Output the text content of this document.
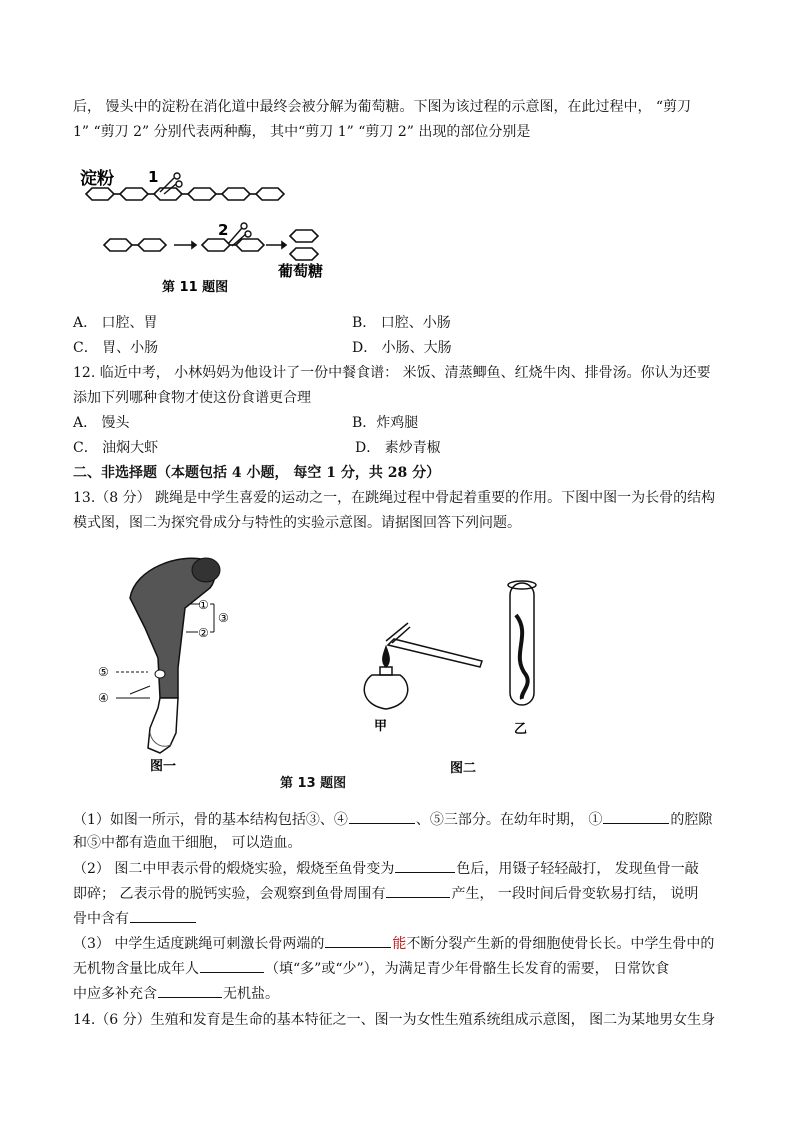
后， 馒头中的淀粉在消化道中最终会被分解为葡萄糖。下图为该过程的示意图，在此过程中， “剪刀
1” “剪刀 2” 分别代表两种酶， 其中“剪刀 1” “剪刀 2” 出现的部位分别是
淀粉 1
2
葡萄糖
第 11 题图
A． 口腔、胃	B． 口腔、小肠
C． 胃、小肠	D． 小肠、大肠
12. 临近中考， 小林妈妈为他设计了一份中餐食谱： 米饭、清蒸鲫鱼、红烧牛肉、排骨汤。你认为还要
添加下列哪种食物才使这份食谱更合理
A． 馒头	B．炸鸡腿
C． 油焖大虾	D． 素炒青椒
二、非选择题（本题包括 4 小题， 每空 1 分，共 28 分）
13.（8 分） 跳绳是中学生喜爱的运动之一，在跳绳过程中骨起着重要的作用。下图中图一为长骨的结构
模式图，图二为探究骨成分与特性的实验示意图。请据图回答下列问题。
①
②
③
⑤
④
图一
甲	乙
图二
第 13 题图
（1）如图一所示，骨的基本结构包括③、④	、⑤三部分。在幼年时期， ①	的腔隙
和⑤中都有造血干细胞， 可以造血。
（2） 图二中甲表示骨的煅烧实验，煅烧至鱼骨变为	色后，用镊子轻轻敲打， 发现鱼骨一敲
即碎； 乙表示骨的脱钙实验，会观察到鱼骨周围有	产生， 一段时间后骨变软易打结， 说明
骨中含有
（3） 中学生适度跳绳可刺激长骨两端的	能不断分裂产生新的骨细胞使骨长长。中学生骨中的
无机物含量比成年人	（填“多”或“少”），为满足青少年骨骼生长发育的需要， 日常饮食
中应多补充含	无机盐。
14.（6 分）生殖和发育是生命的基本特征之一、图一为女性生殖系统组成示意图， 图二为某地男女生身
